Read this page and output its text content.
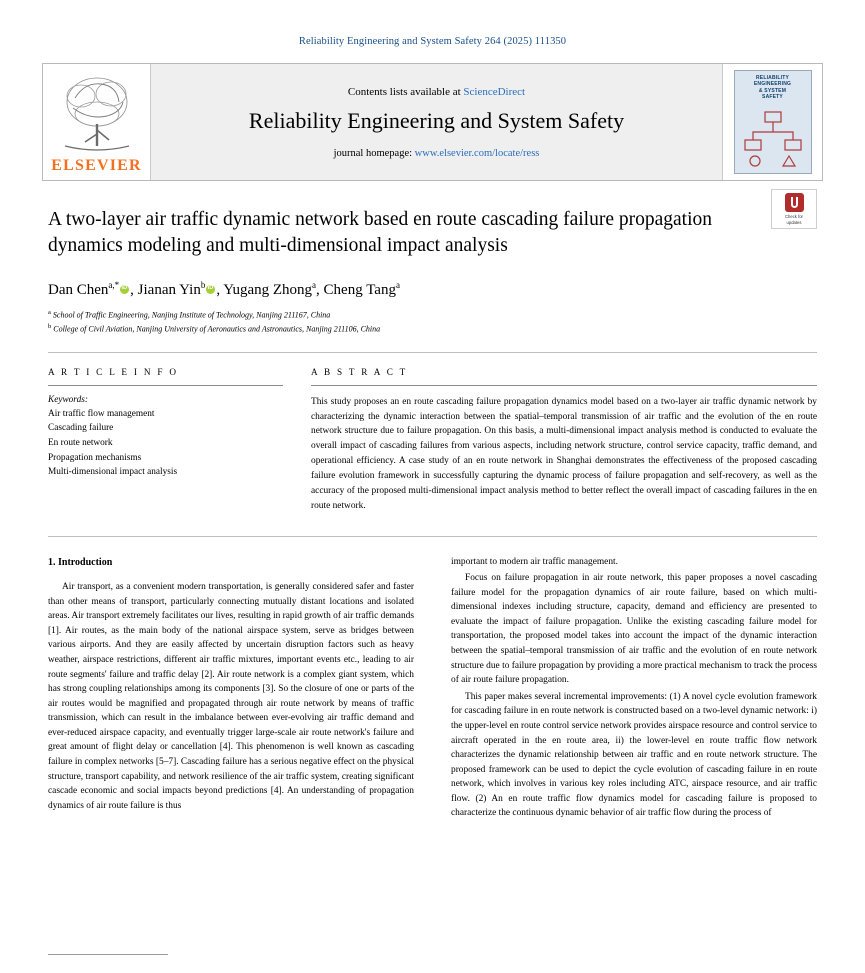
Reliability Engineering and System Safety 264 (2025) 111350
ELSEVIER
Contents lists available at ScienceDirect
Reliability Engineering and System Safety
journal homepage: www.elsevier.com/locate/ress
RELIABILITY
ENGINEERING
& SYSTEM
SAFETY
Check for
updates
A two-layer air traffic dynamic network based en route cascading failure propagation dynamics modeling and multi-dimensional impact analysis
Dan Chen$^{a,*}$ iD , Jianan Yin$^b$ iD , Yugang Zhong$^a$, Cheng Tang$^a$
$^a$ School of Traffic Engineering, Nanjing Institute of Technology, Nanjing 211167, China
$^b$ College of Civil Aviation, Nanjing University of Aeronautics and Astronautics, Nanjing 211106, China
A R T I C L E I N F O
Keywords:
Air traffic flow management
Cascading failure
En route network
Propagation mechanisms
Multi-dimensional impact analysis
A B S T R A C T
This study proposes an en route cascading failure propagation dynamics model based on a two-layer air traffic dynamic network by characterizing the dynamic interaction between the spatial–temporal transmission of air traffic and the evolution of the en route network structure due to failure propagation. On this basis, a multi-dimensional impact analysis method is conducted to evaluate the overall impact of cascading failures from various aspects, including network structure, control service capacity, traffic demand, and operational efficiency. A case study of an en route network in Shanghai demonstrates the effectiveness of the proposed cascading failure evolution framework in successfully capturing the dynamic process of failure propagation and self-recovery, as well as the accuracy of the proposed multi-dimensional impact analysis method to better reflect the overall impact of cascading failures in the en route network.
1. Introduction

Air transport, as a convenient modern transportation, is generally considered safer and faster than other means of transport, particularly connecting mutually distant locations and isolated areas. Air transport extremely facilitates our lives, resulting in rapid growth of air traffic demands [1]. Air routes, as the main body of the national airspace system, serve as bridges between various airports. And they are easily affected by uncertain disruption factors such as heavy weather, airspace restrictions, different air traffic mixtures, important events etc., leading to air route segments' failure and traffic delay [2]. Air route network is a complex giant system, which has strong coupling relationships among its components [3]. So the closure of one or parts of the air routes would be magnified and propagated through air route network by means of traffic transmission, which can result in the imbalance between ever-evolving air traffic demand and ever-reduced airspace capacity, and eventually trigger large-scale air route network's failure and great amount of flight delay or cancellation [4]. This phenomenon is well known as cascading failure in complex networks [5–7]. Cascading failure has a serious negative effect on the physical structure, transport capability, and network resilience of the air traffic system, creating significant cascade economic and social impacts beyond predictions [4]. An understanding of propagation dynamics of air route failure is thus

important to modern air traffic management.

Focus on failure propagation in air route network, this paper proposes a novel cascading failure model for the propagation dynamics of air route failure, based on which multi-dimensional indexes including structure, capacity, demand and efficiency are presented to evaluate the impact of failure propagation. Unlike the existing cascading failure model for transportation, the proposed model takes into account the impact of the dynamic interaction between the spatial–temporal transmission of air traffic and the evolution of en route network structure due to failure propagation by providing a more practical mechanism to track the process of air route failure propagation.

This paper makes several incremental improvements: (1) A novel cycle evolution framework for cascading failure in en route network is constructed based on a two-level dynamic network: i) the upper-level en route control service network provides airspace resource and control service to aircraft operated in the en route area, ii) the lower-level en route traffic flow network characterizes the dynamic relationship between air traffic and en route network structure. The proposed framework can be used to depict the cycle evolution of cascading failure in en route network, which involves in various key roles including ATC, airspace resource, and air traffic flow. (2) An en route traffic flow dynamics model for cascading failure is proposed to characterize the continuous dynamic behavior of air traffic flow during the process of
